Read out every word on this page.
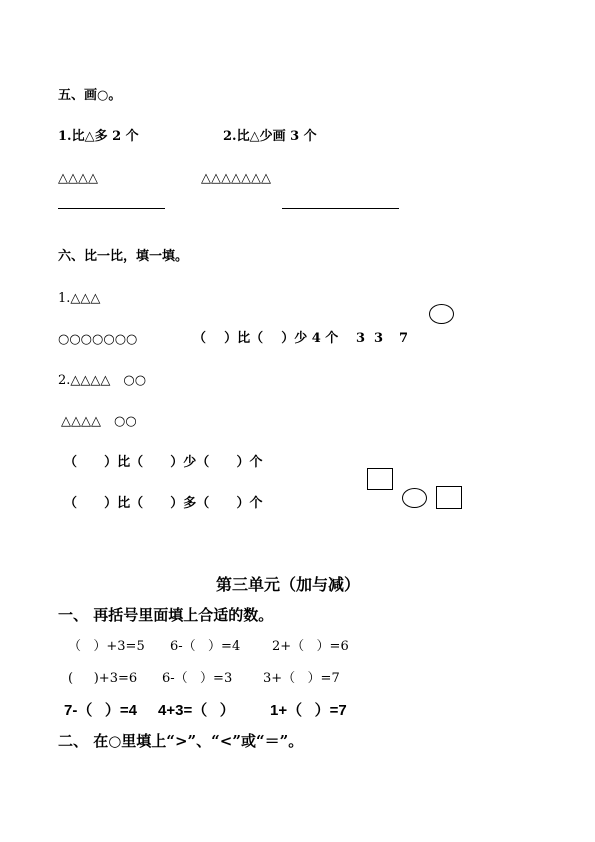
五、画○。
1.比△多 2 个	2.比△少画 3 个
△△△△	△△△△△△△
六、比一比，填一填。
1.△△△
○○○○○○○	（    ）比（    ）少 4 个 3 3 7
2.△△△△　○○
△△△△　○○
（      ）比（      ）少（      ）个
（      ）比（      ）多（      ）个
第三单元（加与减）
一、 再括号里面填上合适的数。
（   ）+3=5 6-（   ）=4 2+（   ）=6
(     )+3=6 6-（   ）=3 3+（   ）=7
7-（   ）=4 4+3=（   ） 1+（   ）=7
二、 在○里填上“>”、“<”或“＝”。
